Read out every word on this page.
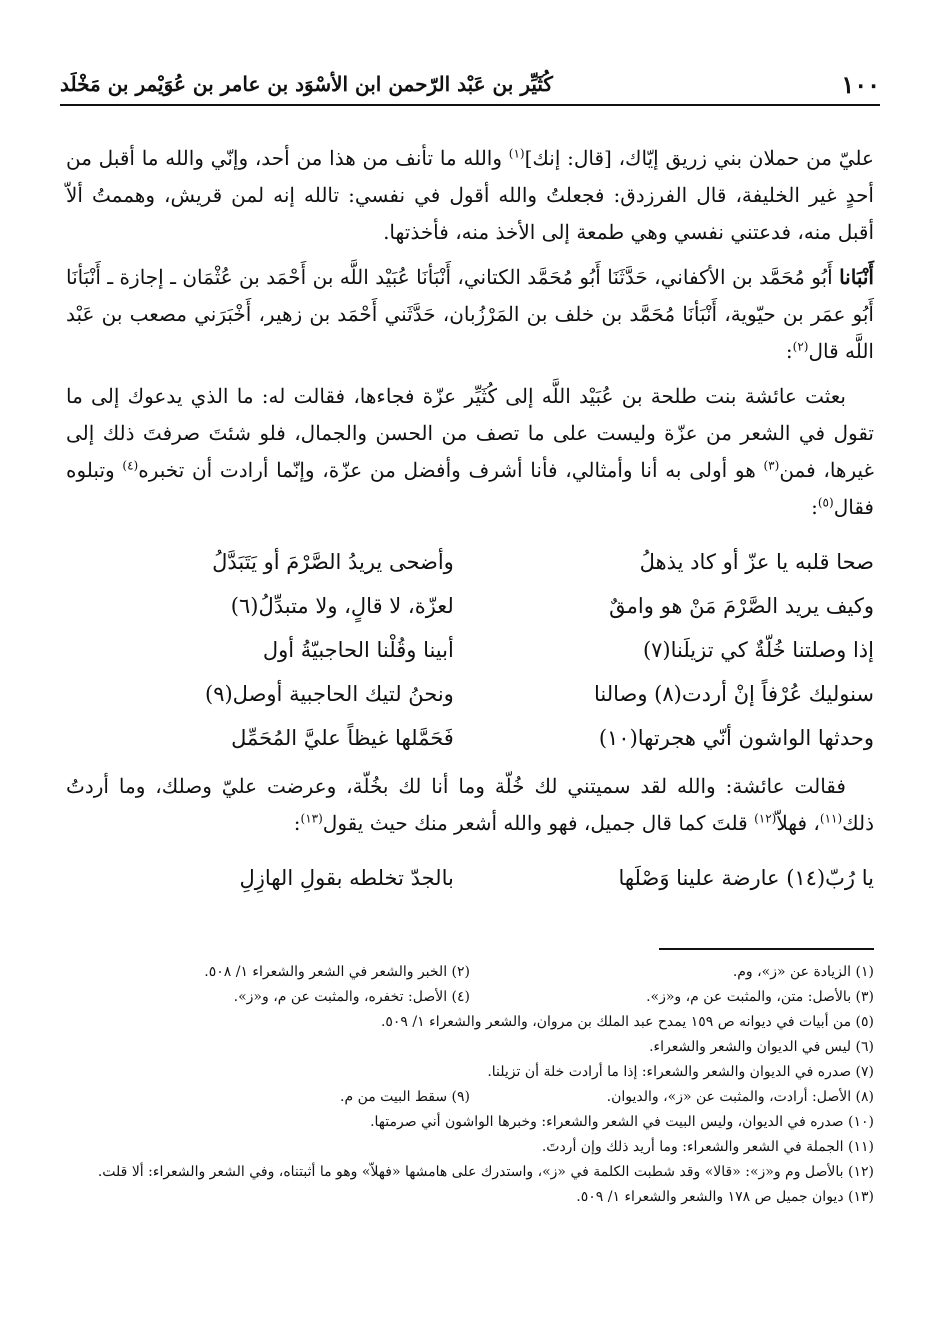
١٠٠
كُثَيِّر بن عَبْد الرّحمن ابن الأسْوَد بن عامر بن عُوَيْمر بن مَخْلَد

عليّ من حملان بني زريق إيّاك، [قال: إنك]$^{(١)}$ والله ما تأنف من هذا من أحد، وإنّي والله ما أقبل من أحدٍ غير الخليفة، قال الفرزدق: فجعلتُ والله أقول في نفسي: تالله إنه لمن قريش، وهممتُ ألاّ أقبل منه، فدعتني نفسي وهي طمعة إلى الأخذ منه، فأخذتها.

أَنْبَانا أَبُو مُحَمَّد بن الأكفاني، حَدَّثَنَا أَبُو مُحَمَّد الكتاني، أَنْبَأنَا عُبَيْد اللَّه بن أَحْمَد بن عُثْمَان ـ إجازة ـ أَنْبَأنَا أَبُو عمَر بن حيّوية، أَنْبَأنَا مُحَمَّد بن خلف بن المَرْزُبان، حَدَّثَني أَحْمَد بن زهير، أَخْبَرَني مصعب بن عَبْد اللَّه قال$^{(٢)}$:

بعثت عائشة بنت طلحة بن عُبَيْد اللَّه إلى كُثَيِّر عزّة فجاءها، فقالت له: ما الذي يدعوك إلى ما تقول في الشعر من عزّة وليست على ما تصف من الحسن والجمال، فلو شئتَ صرفتَ ذلك إلى غيرها، فمن$^{(٣)}$ هو أولى به أنا وأمثالي، فأنا أشرف وأفضل من عزّة، وإنّما أرادت أن تخبره$^{(٤)}$ وتبلوه فقال$^{(٥)}$:

صحا قلبه يا عزّ أو كاد يذهلُ
وأضحى يريدُ الصَّرْمَ أو يَتَبَدَّلُ
وكيف يريد الصَّرْمَ مَنْ هو وامقٌ
لعزّة، لا قالٍ، ولا متبدِّلُ(٦)
إذا وصلتنا خُلّةٌ كي تزيلَنا(٧)
أبينا وقُلْنا الحاجبيّةُ أول
سنوليك عُرْفاً إنْ أردت(٨) وصالنا
ونحنُ لتيك الحاجبية أوصل(٩)
وحدثها الواشون أنّي هجرتها(١٠)
فَحَمَّلها غيظاً عليَّ المُحَمِّل

فقالت عائشة: والله لقد سميتني لك خُلّة وما أنا لك بخُلّة، وعرضت عليّ وصلك، وما أردتُ ذلك$^{(١١)}$، فهلاّ$^{(١٢)}$ قلتَ كما قال جميل، فهو والله أشعر منك حيث يقول$^{(١٣)}$:

يا رُبّ(١٤) عارضة علينا وَصْلَها
بالجدّ تخلطه بقولِ الهازِلِ
(١) الزيادة عن «ز»، وم.
(٢) الخبر والشعر في الشعر والشعراء ١/ ٥٠٨.
(٣) بالأصل: متن، والمثبت عن م، و«ز».
(٤) الأصل: تخفره، والمثبت عن م، و«ز».
(٥) من أبيات في ديوانه ص ١٥٩ يمدح عبد الملك بن مروان، والشعر والشعراء ١/ ٥٠٩.
(٦) ليس في الديوان والشعر والشعراء.
(٧) صدره في الديوان والشعر والشعراء: إذا ما أرادت خلة أن تزيلنا.
(٨) الأصل: أرادت، والمثبت عن «ز»، والديوان.
(٩) سقط البيت من م.
(١٠) صدره في الديوان، وليس البيت في الشعر والشعراء: وخبرها الواشون أني صرمتها.
(١١) الجملة في الشعر والشعراء: وما أريد ذلك وإن أردتَ.
(١٢) بالأصل وم و«ز»: «قالا» وقد شطبت الكلمة في «ز»، واستدرك على هامشها «فهلاّ» وهو ما أثبتناه، وفي الشعر والشعراء: ألا قلت.
(١٣) ديوان جميل ص ١٧٨ والشعر والشعراء ١/ ٥٠٩.
